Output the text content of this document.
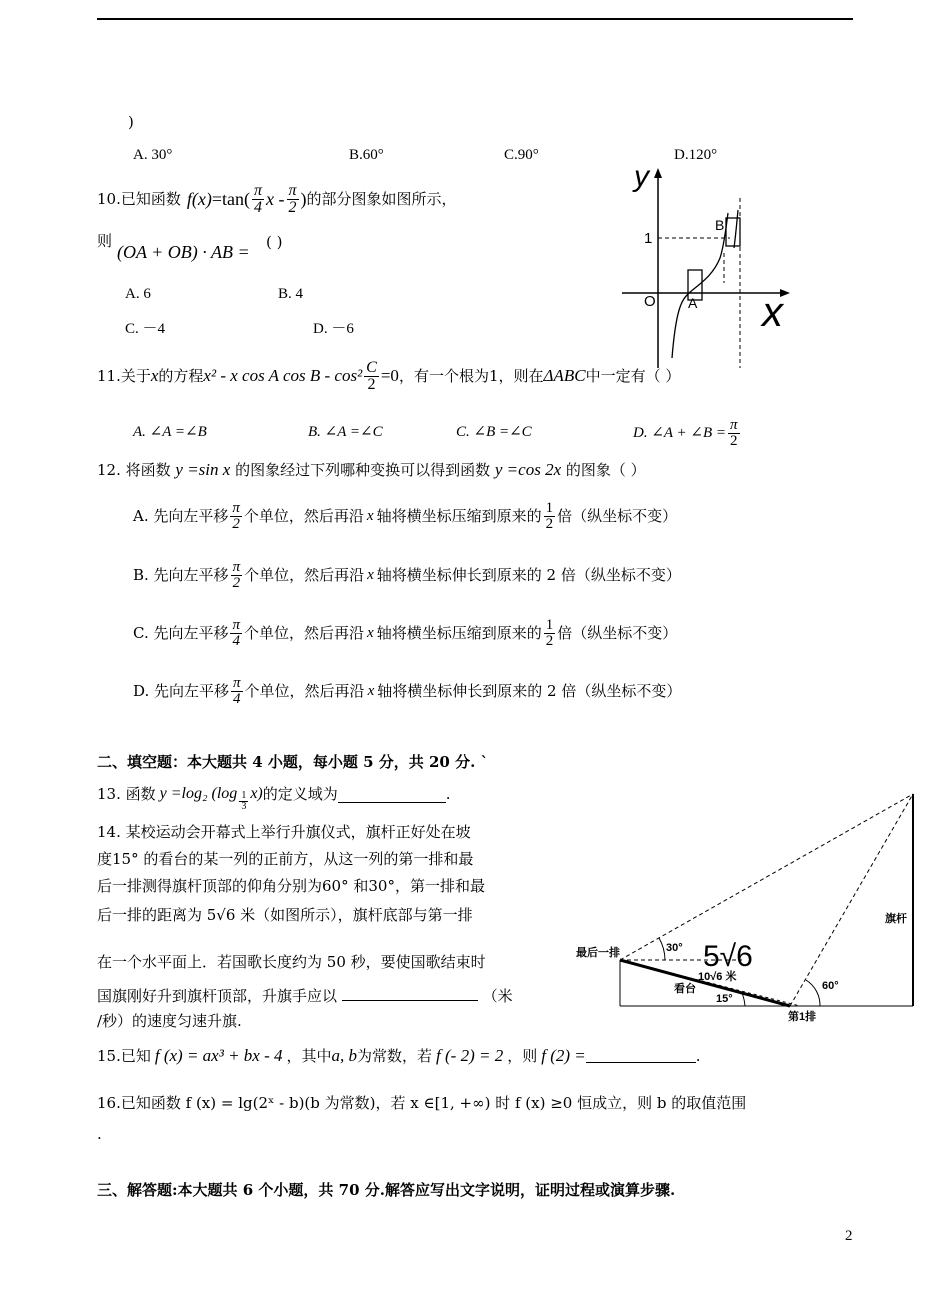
)
A. 30°	B.60°	C.90°	D.120°
10. 已知函数 f $(x) =\tan( \frac{\pi}{4}$ x - $\frac{\pi}{2}$ ) 的部分图象如图所示，
则
(OA + OB) · AB = ( )
A. 6	B. 4
C. －4	D. －6
y
x
O
1
A
B
11.关于 x 的方程 x² - x cos A $\cos B - \cos^2 \frac{C}{2} =0$ ，有一个根为1，则在 ΔABC 中一定有（ ）
A. ∠A =∠B	B. ∠A =∠C	C. ∠B =∠C	D. ∠A + ∠B = $\frac{\pi}{2}$
12. 将函数 y =sin x 的图象经过下列哪种变换可以得到函数 y =cos 2x 的图象（ ）
A. 先向左平移 $\frac{\pi}{2}$ 个单位，然后再沿 x 轴将横坐标压缩到原来的 $\frac{1}{2}$ 倍（纵坐标不变）
B. 先向左平移 $\frac{\pi}{2}$ 个单位，然后再沿 x 轴将横坐标伸长到原来的 2 倍（纵坐标不变）
C. 先向左平移 $\frac{\pi}{4}$ 个单位，然后再沿 x 轴将横坐标压缩到原来的 $\frac{1}{2}$ 倍（纵坐标不变）
D. 先向左平移 $\frac{\pi}{4}$ 个单位，然后再沿 x 轴将横坐标伸长到原来的 2 倍（纵坐标不变）
二、填空题：本大题共 4 小题，每小题 5 分，共 20 分. `
13. 函数 y =log₂ $(\log \frac{1}{3} x)$ 的定义域为	.
14. 某校运动会开幕式上举行升旗仪式，旗杆正好处在坡
度15° 的看台的某一列的正前方，从这一列的第一排和最
后一排测得旗杆顶部的仰角分别为60° 和30°，第一排和最
后一排的距离为 5√6 米（如图所示），旗杆底部与第一排
在一个水平面上．若国歌长度约为 50 秒，要使国歌结束时
国旗刚好升到旗杆顶部，升旗手应以	（米
/秒）的速度匀速升旗.
最后一排	30° 5√6
10√6 米
看台
15°
第1排
60°
旗杆
15.已知 f (x) = ax³ + bx - 4 ，其中 a, b 为常数，若 f (- 2) = 2 ，则 f (2) =	.
16.已知函数 f (x) = lg(2ˣ - b)(b 为常数)，若 x ∈[1, +∞) 时 f (x) ≥0 恒成立，则 b 的取值范围
.
三、解答题:本大题共 6 个小题，共 70 分.解答应写出文字说明，证明过程或演算步骤.
2
